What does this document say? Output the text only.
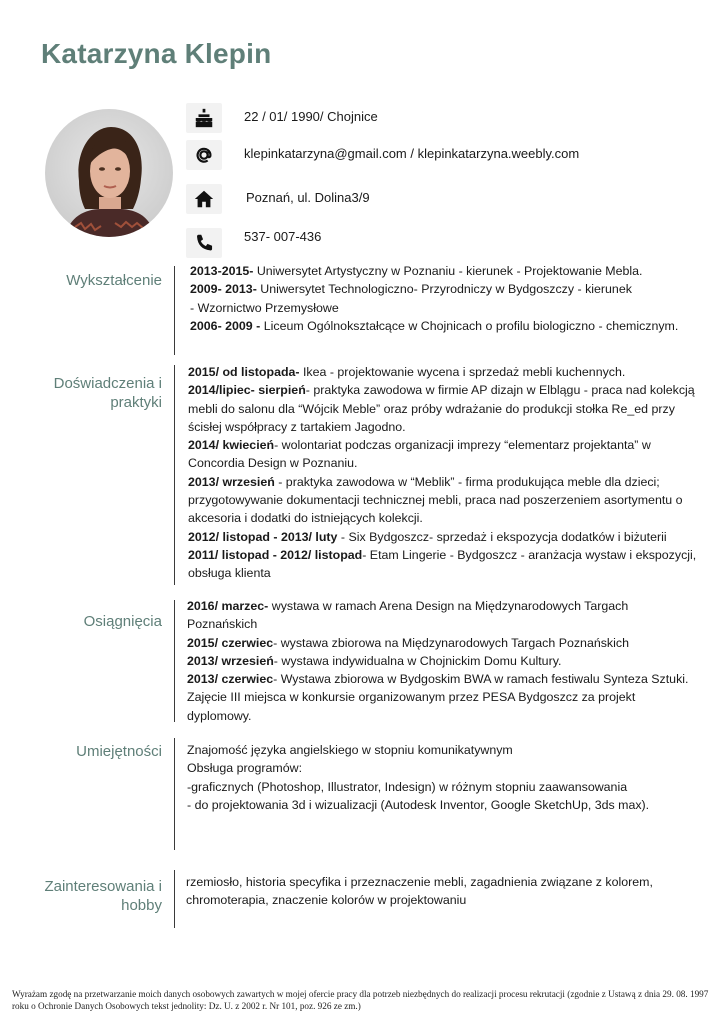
Katarzyna Klepin
22 / 01/ 1990/ Chojnice
klepinkatarzyna@gmail.com / klepinkatarzyna.weebly.com
Poznań, ul. Dolina3/9
537- 007-436
Wykształcenie

2013-2015- Uniwersytet Artystyczny w Poznaniu - kierunek - Projektowanie Mebla.

2009- 2013- Uniwersytet Technologiczno- Przyrodniczy w Bydgoszczy - kierunek

- Wzornictwo Przemysłowe

2006- 2009 - Liceum Ogólnokształcące w Chojnicach o profilu biologiczno - chemicznym.

Doświadczenia i
praktyki

2015/ od listopada- Ikea - projektowanie wycena i sprzedaż mebli kuchennych.

2014/lipiec- sierpień- praktyka zawodowa w firmie AP dizajn w Elblągu - praca nad kolekcją

mebli do salonu dla “Wójcik Meble” oraz próby wdrażanie do produkcji stołka Re_ed przy

ścisłej współpracy z tartakiem Jagodno.

2014/ kwiecień- wolontariat podczas organizacji imprezy “elementarz projektanta” w

Concordia Design w Poznaniu.

2013/ wrzesień - praktyka zawodowa w “Meblik” - firma produkująca meble dla dzieci;

przygotowywanie dokumentacji technicznej mebli, praca nad poszerzeniem asortymentu o

akcesoria i dodatki do istniejących kolekcji.

2012/ listopad - 2013/ luty - Six Bydgoszcz- sprzedaż i ekspozycja dodatków i biżuterii

2011/ listopad - 2012/ listopad- Etam Lingerie - Bydgoszcz - aranżacja wystaw i ekspozycji,

obsługa klienta

Osiągnięcia

2016/ marzec- wystawa w ramach Arena Design na Międzynarodowych Targach

Poznańskich

2015/ czerwiec- wystawa zbiorowa na Międzynarodowych Targach Poznańskich

2013/ wrzesień- wystawa indywidualna w Chojnickim Domu Kultury.

2013/ czerwiec- Wystawa zbiorowa w Bydgoskim BWA w ramach festiwalu Synteza Sztuki.

Zajęcie III miejsca w konkursie organizowanym przez PESA Bydgoszcz za projekt

dyplomowy.

Umiejętności Znajomość języka angielskiego w stopniu komunikatywnym

Obsługa programów:

-graficznych (Photoshop, Illustrator, Indesign) w różnym stopniu zaawansowania

- do projektowania 3d i wizualizacji (Autodesk Inventor, Google SketchUp, 3ds max).

Zainteresowania i
hobby

rzemiosło, historia specyfika i przeznaczenie mebli, zagadnienia związane z kolorem,

chromoterapia, znaczenie kolorów w projektowaniu

Wyrażam zgodę na przetwarzanie moich danych osobowych zawartych w mojej ofercie pracy dla potrzeb niezbędnych do realizacji procesu rekrutacji (zgodnie z Ustawą z dnia 29. 08. 1997 roku o Ochronie Danych Osobowych tekst jednolity: Dz. U. z 2002 r. Nr 101, poz. 926 ze zm.)
